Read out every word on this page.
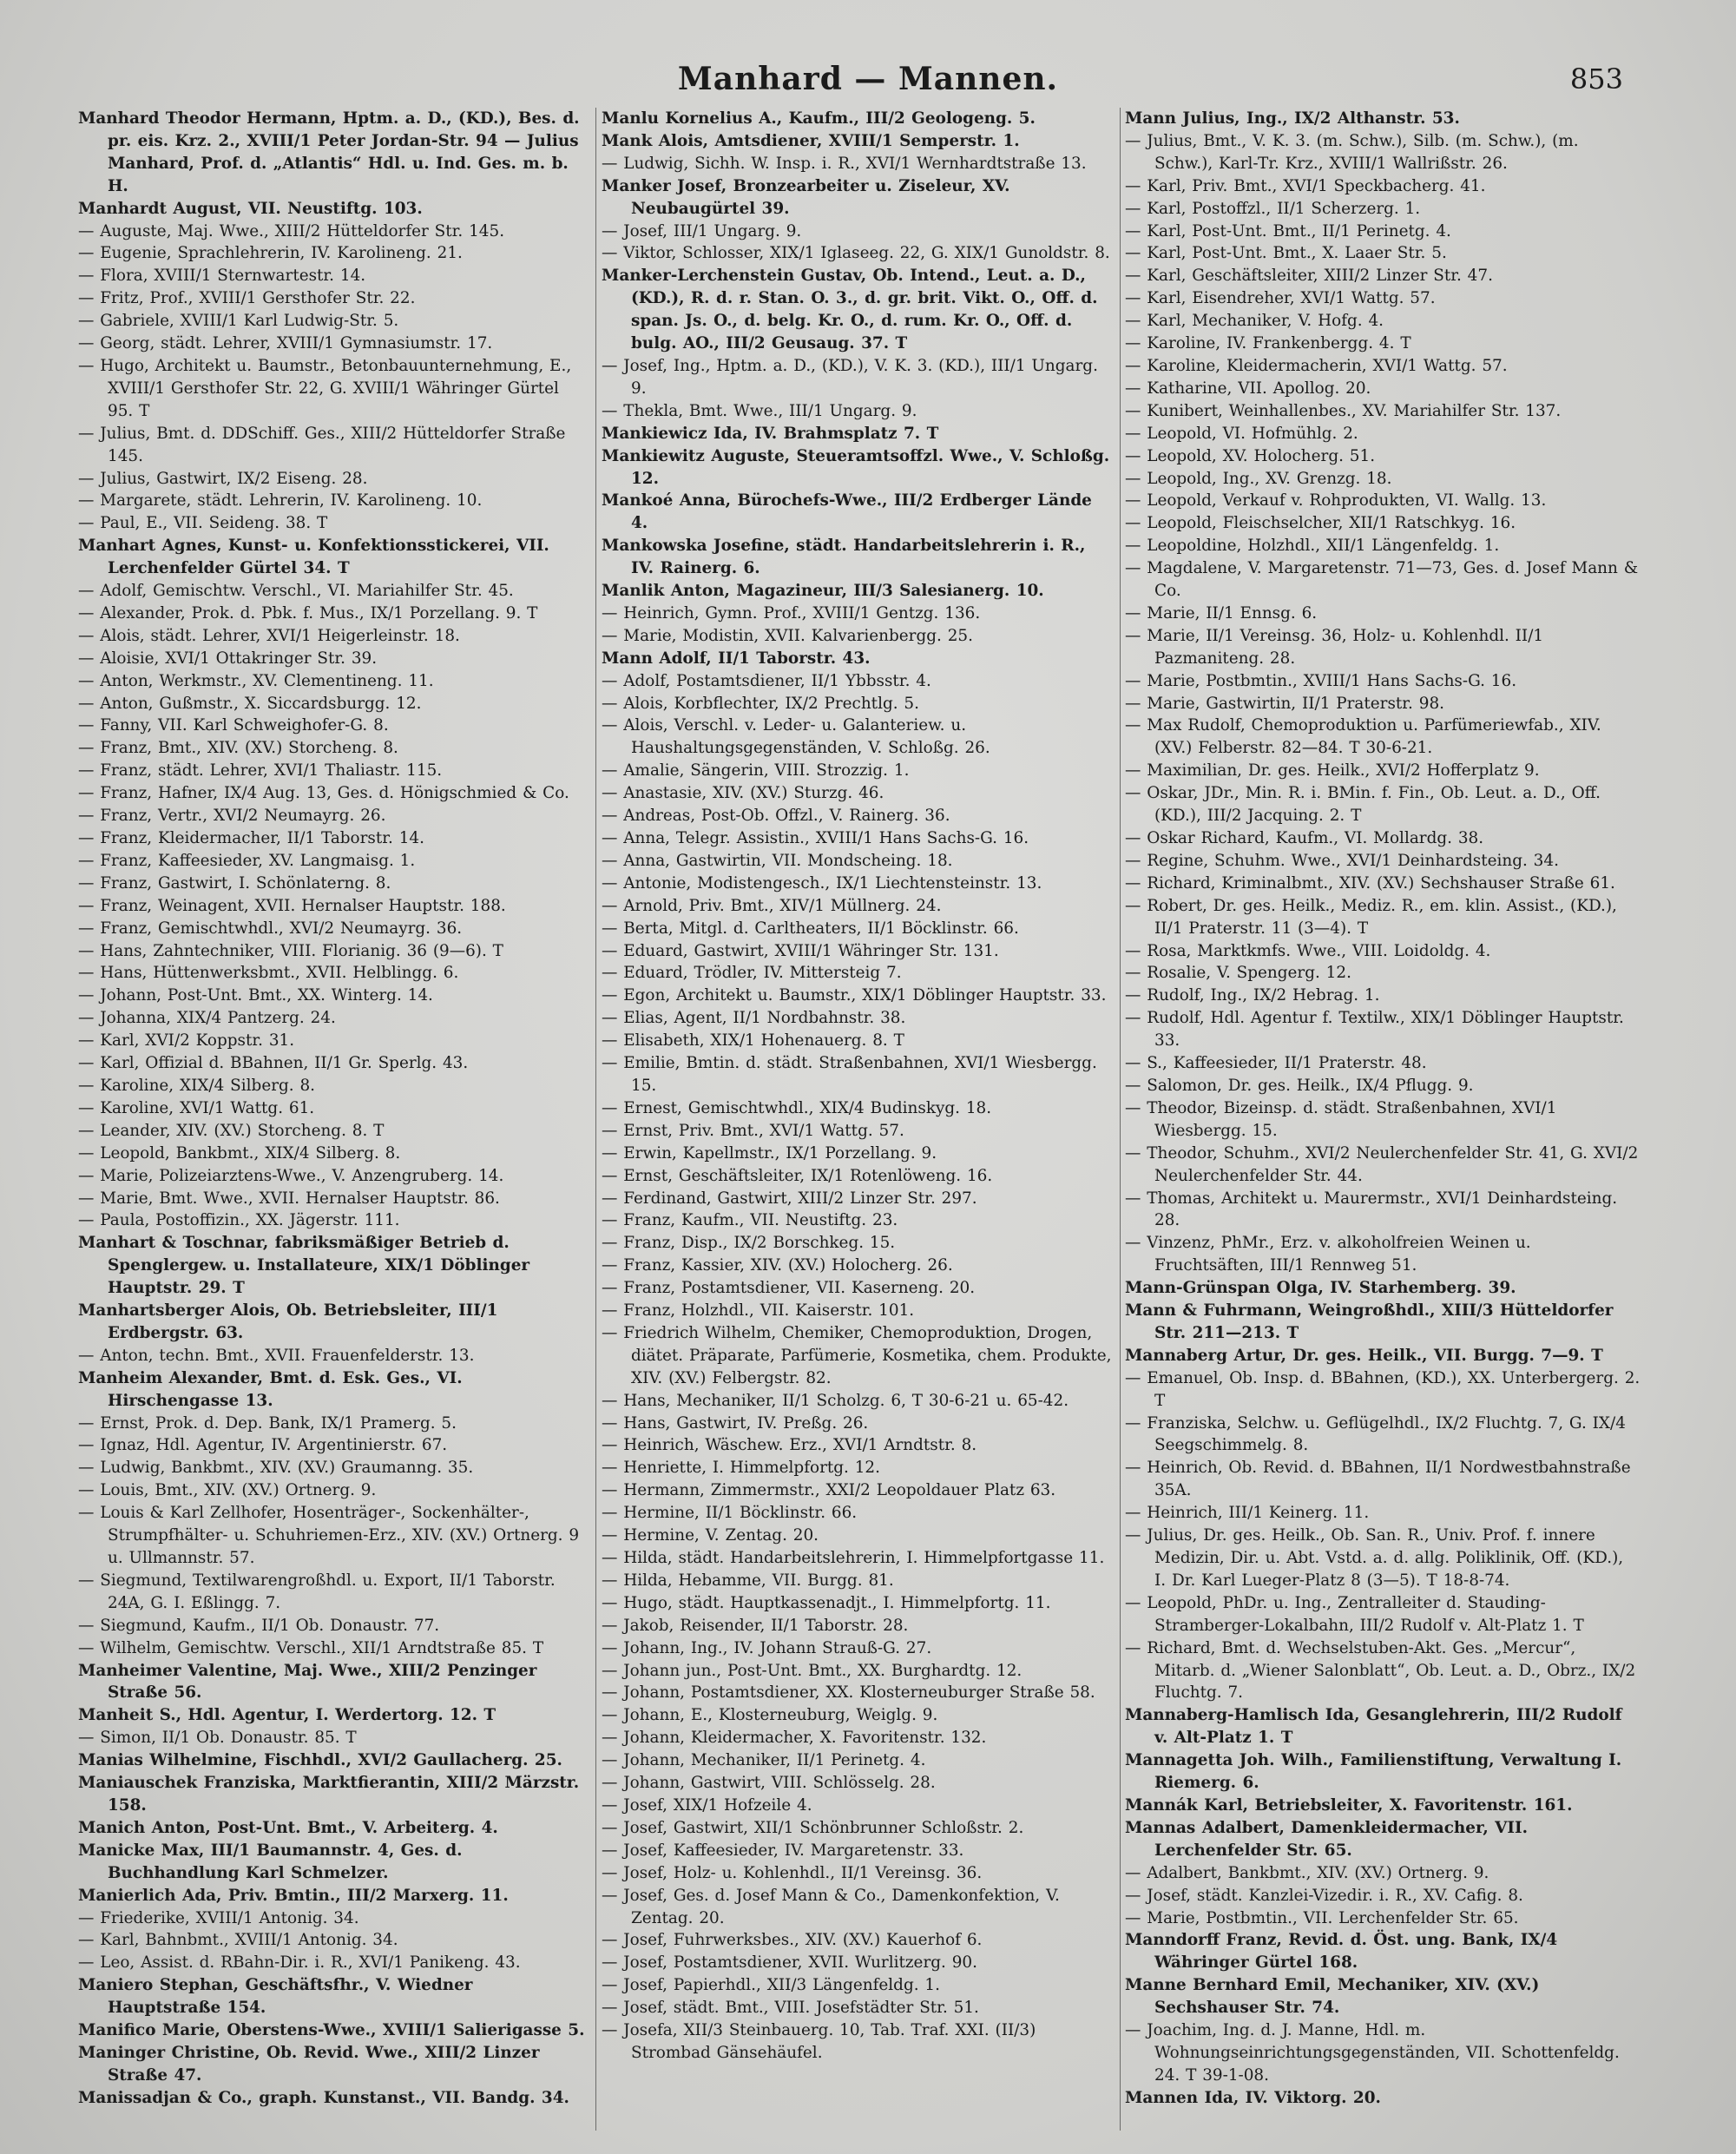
Manhard — Mannen.	853
Manhard Theodor Hermann, Hptm. a. D., (KD.), Bes. d. pr. eis. Krz. 2., XVIII/1 Peter Jordan-Str. 94 — Julius Manhard, Prof. d. „Atlantis“ Hdl. u. Ind. Ges. m. b. H.
Manhardt August, VII. Neustiftg. 103.
— Auguste, Maj. Wwe., XIII/2 Hütteldorfer Str. 145.
— Eugenie, Sprachlehrerin, IV. Karolineng. 21.
— Flora, XVIII/1 Sternwartestr. 14.
— Fritz, Prof., XVIII/1 Gersthofer Str. 22.
— Gabriele, XVIII/1 Karl Ludwig-Str. 5.
— Georg, städt. Lehrer, XVIII/1 Gymnasiumstr. 17.
— Hugo, Architekt u. Baumstr., Betonbauunternehmung, E., XVIII/1 Gersthofer Str. 22, G. XVIII/1 Währinger Gürtel 95. T
— Julius, Bmt. d. DDSchiff. Ges., XIII/2 Hütteldorfer Straße 145.
— Julius, Gastwirt, IX/2 Eiseng. 28.
— Margarete, städt. Lehrerin, IV. Karolineng. 10.
— Paul, E., VII. Seideng. 38. T
Manhart Agnes, Kunst- u. Konfektionsstickerei, VII. Lerchenfelder Gürtel 34. T
— Adolf, Gemischtw. Verschl., VI. Mariahilfer Str. 45.
— Alexander, Prok. d. Pbk. f. Mus., IX/1 Porzellang. 9. T
— Alois, städt. Lehrer, XVI/1 Heigerleinstr. 18.
— Aloisie, XVI/1 Ottakringer Str. 39.
— Anton, Werkmstr., XV. Clementineng. 11.
— Anton, Gußmstr., X. Siccardsburgg. 12.
— Fanny, VII. Karl Schweighofer-G. 8.
— Franz, Bmt., XIV. (XV.) Storcheng. 8.
— Franz, städt. Lehrer, XVI/1 Thaliastr. 115.
— Franz, Hafner, IX/4 Aug. 13, Ges. d. Hönigschmied & Co.
— Franz, Vertr., XVI/2 Neumayrg. 26.
— Franz, Kleidermacher, II/1 Taborstr. 14.
— Franz, Kaffeesieder, XV. Langmaisg. 1.
— Franz, Gastwirt, I. Schönlaterng. 8.
— Franz, Weinagent, XVII. Hernalser Hauptstr. 188.
— Franz, Gemischtwhdl., XVI/2 Neumayrg. 36.
— Hans, Zahntechniker, VIII. Florianig. 36 (9—6). T
— Hans, Hüttenwerksbmt., XVII. Helblingg. 6.
— Johann, Post-Unt. Bmt., XX. Winterg. 14.
— Johanna, XIX/4 Pantzerg. 24.
— Karl, XVI/2 Koppstr. 31.
— Karl, Offizial d. BBahnen, II/1 Gr. Sperlg. 43.
— Karoline, XIX/4 Silberg. 8.
— Karoline, XVI/1 Wattg. 61.
— Leander, XIV. (XV.) Storcheng. 8. T
— Leopold, Bankbmt., XIX/4 Silberg. 8.
— Marie, Polizeiarztens-Wwe., V. Anzengruberg. 14.
— Marie, Bmt. Wwe., XVII. Hernalser Hauptstr. 86.
— Paula, Postoffizin., XX. Jägerstr. 111.
Manhart & Toschnar, fabriksmäßiger Betrieb d. Spenglergew. u. Installateure, XIX/1 Döblinger Hauptstr. 29. T
Manhartsberger Alois, Ob. Betriebsleiter, III/1 Erdbergstr. 63.
— Anton, techn. Bmt., XVII. Frauenfelderstr. 13.
Manheim Alexander, Bmt. d. Esk. Ges., VI. Hirschengasse 13.
— Ernst, Prok. d. Dep. Bank, IX/1 Pramerg. 5.
— Ignaz, Hdl. Agentur, IV. Argentinierstr. 67.
— Ludwig, Bankbmt., XIV. (XV.) Graumanng. 35.
— Louis, Bmt., XIV. (XV.) Ortnerg. 9.
— Louis & Karl Zellhofer, Hosenträger-, Sockenhälter-, Strumpfhälter- u. Schuhriemen-Erz., XIV. (XV.) Ortnerg. 9 u. Ullmannstr. 57.
— Siegmund, Textilwarengroßhdl. u. Export, II/1 Taborstr. 24A, G. I. Eßlingg. 7.
— Siegmund, Kaufm., II/1 Ob. Donaustr. 77.
— Wilhelm, Gemischtw. Verschl., XII/1 Arndtstraße 85. T
Manheimer Valentine, Maj. Wwe., XIII/2 Penzinger Straße 56.
Manheit S., Hdl. Agentur, I. Werdertorg. 12. T
— Simon, II/1 Ob. Donaustr. 85. T
Manias Wilhelmine, Fischhdl., XVI/2 Gaullacherg. 25.
Maniauschek Franziska, Marktfierantin, XIII/2 Märzstr. 158.
Manich Anton, Post-Unt. Bmt., V. Arbeiterg. 4.
Manicke Max, III/1 Baumannstr. 4, Ges. d. Buchhandlung Karl Schmelzer.
Manierlich Ada, Priv. Bmtin., III/2 Marxerg. 11.
— Friederike, XVIII/1 Antonig. 34.
— Karl, Bahnbmt., XVIII/1 Antonig. 34.
— Leo, Assist. d. RBahn-Dir. i. R., XVI/1 Panikeng. 43.
Maniero Stephan, Geschäftsfhr., V. Wiedner Hauptstraße 154.
Manifico Marie, Oberstens-Wwe., XVIII/1 Salierigasse 5.
Maninger Christine, Ob. Revid. Wwe., XIII/2 Linzer Straße 47.
Manissadjan & Co., graph. Kunstanst., VII. Bandg. 34.
Manlu Kornelius A., Kaufm., III/2 Geologeng. 5.
Mank Alois, Amtsdiener, XVIII/1 Semperstr. 1.
— Ludwig, Sichh. W. Insp. i. R., XVI/1 Wernhardtstraße 13.
Manker Josef, Bronzearbeiter u. Ziseleur, XV. Neubaugürtel 39.
— Josef, III/1 Ungarg. 9.
— Viktor, Schlosser, XIX/1 Iglaseeg. 22, G. XIX/1 Gunoldstr. 8.
Manker-Lerchenstein Gustav, Ob. Intend., Leut. a. D., (KD.), R. d. r. Stan. O. 3., d. gr. brit. Vikt. O., Off. d. span. Js. O., d. belg. Kr. O., d. rum. Kr. O., Off. d. bulg. AO., III/2 Geusaug. 37. T
— Josef, Ing., Hptm. a. D., (KD.), V. K. 3. (KD.), III/1 Ungarg. 9.
— Thekla, Bmt. Wwe., III/1 Ungarg. 9.
Mankiewicz Ida, IV. Brahmsplatz 7. T
Mankiewitz Auguste, Steueramtsoffzl. Wwe., V. Schloßg. 12.
Mankoé Anna, Bürochefs-Wwe., III/2 Erdberger Lände 4.
Mankowska Josefine, städt. Handarbeitslehrerin i. R., IV. Rainerg. 6.
Manlik Anton, Magazineur, III/3 Salesianerg. 10.
— Heinrich, Gymn. Prof., XVIII/1 Gentzg. 136.
— Marie, Modistin, XVII. Kalvarienbergg. 25.
Mann Adolf, II/1 Taborstr. 43.
— Adolf, Postamtsdiener, II/1 Ybbsstr. 4.
— Alois, Korbflechter, IX/2 Prechtlg. 5.
— Alois, Verschl. v. Leder- u. Galanteriew. u. Haushaltungsgegenständen, V. Schloßg. 26.
— Amalie, Sängerin, VIII. Strozzig. 1.
— Anastasie, XIV. (XV.) Sturzg. 46.
— Andreas, Post-Ob. Offzl., V. Rainerg. 36.
— Anna, Telegr. Assistin., XVIII/1 Hans Sachs-G. 16.
— Anna, Gastwirtin, VII. Mondscheing. 18.
— Antonie, Modistengesch., IX/1 Liechtensteinstr. 13.
— Arnold, Priv. Bmt., XIV/1 Müllnerg. 24.
— Berta, Mitgl. d. Carltheaters, II/1 Böcklinstr. 66.
— Eduard, Gastwirt, XVIII/1 Währinger Str. 131.
— Eduard, Trödler, IV. Mittersteig 7.
— Egon, Architekt u. Baumstr., XIX/1 Döblinger Hauptstr. 33.
— Elias, Agent, II/1 Nordbahnstr. 38.
— Elisabeth, XIX/1 Hohenauerg. 8. T
— Emilie, Bmtin. d. städt. Straßenbahnen, XVI/1 Wiesbergg. 15.
— Ernest, Gemischtwhdl., XIX/4 Budinskyg. 18.
— Ernst, Priv. Bmt., XVI/1 Wattg. 57.
— Erwin, Kapellmstr., IX/1 Porzellang. 9.
— Ernst, Geschäftsleiter, IX/1 Rotenlöweng. 16.
— Ferdinand, Gastwirt, XIII/2 Linzer Str. 297.
— Franz, Kaufm., VII. Neustiftg. 23.
— Franz, Disp., IX/2 Borschkeg. 15.
— Franz, Kassier, XIV. (XV.) Holocherg. 26.
— Franz, Postamtsdiener, VII. Kaserneng. 20.
— Franz, Holzhdl., VII. Kaiserstr. 101.
— Friedrich Wilhelm, Chemiker, Chemoproduktion, Drogen, diätet. Präparate, Parfümerie, Kosmetika, chem. Produkte, XIV. (XV.) Felbergstr. 82.
— Hans, Mechaniker, II/1 Scholzg. 6, T 30-6-21 u. 65-42.
— Hans, Gastwirt, IV. Preßg. 26.
— Heinrich, Wäschew. Erz., XVI/1 Arndtstr. 8.
— Henriette, I. Himmelpfortg. 12.
— Hermann, Zimmermstr., XXI/2 Leopoldauer Platz 63.
— Hermine, II/1 Böcklinstr. 66.
— Hermine, V. Zentag. 20.
— Hilda, städt. Handarbeitslehrerin, I. Himmelpfortgasse 11.
— Hilda, Hebamme, VII. Burgg. 81.
— Hugo, städt. Hauptkassenadjt., I. Himmelpfortg. 11.
— Jakob, Reisender, II/1 Taborstr. 28.
— Johann, Ing., IV. Johann Strauß-G. 27.
— Johann jun., Post-Unt. Bmt., XX. Burghardtg. 12.
— Johann, Postamtsdiener, XX. Klosterneuburger Straße 58.
— Johann, E., Klosterneuburg, Weiglg. 9.
— Johann, Kleidermacher, X. Favoritenstr. 132.
— Johann, Mechaniker, II/1 Perinetg. 4.
— Johann, Gastwirt, VIII. Schlösselg. 28.
— Josef, XIX/1 Hofzeile 4.
— Josef, Gastwirt, XII/1 Schönbrunner Schloßstr. 2.
— Josef, Kaffeesieder, IV. Margaretenstr. 33.
— Josef, Holz- u. Kohlenhdl., II/1 Vereinsg. 36.
— Josef, Ges. d. Josef Mann & Co., Damenkonfektion, V. Zentag. 20.
— Josef, Fuhrwerksbes., XIV. (XV.) Kauerhof 6.
— Josef, Postamtsdiener, XVII. Wurlitzerg. 90.
— Josef, Papierhdl., XII/3 Längenfeldg. 1.
— Josef, städt. Bmt., VIII. Josefstädter Str. 51.
— Josefa, XII/3 Steinbauerg. 10, Tab. Traf. XXI. (II/3) Strombad Gänsehäufel.
Mann Julius, Ing., IX/2 Althanstr. 53.
— Julius, Bmt., V. K. 3. (m. Schw.), Silb. (m. Schw.), (m. Schw.), Karl-Tr. Krz., XVIII/1 Wallrißstr. 26.
— Karl, Priv. Bmt., XVI/1 Speckbacherg. 41.
— Karl, Postoffzl., II/1 Scherzerg. 1.
— Karl, Post-Unt. Bmt., II/1 Perinetg. 4.
— Karl, Post-Unt. Bmt., X. Laaer Str. 5.
— Karl, Geschäftsleiter, XIII/2 Linzer Str. 47.
— Karl, Eisendreher, XVI/1 Wattg. 57.
— Karl, Mechaniker, V. Hofg. 4.
— Karoline, IV. Frankenbergg. 4. T
— Karoline, Kleidermacherin, XVI/1 Wattg. 57.
— Katharine, VII. Apollog. 20.
— Kunibert, Weinhallenbes., XV. Mariahilfer Str. 137.
— Leopold, VI. Hofmühlg. 2.
— Leopold, XV. Holocherg. 51.
— Leopold, Ing., XV. Grenzg. 18.
— Leopold, Verkauf v. Rohprodukten, VI. Wallg. 13.
— Leopold, Fleischselcher, XII/1 Ratschkyg. 16.
— Leopoldine, Holzhdl., XII/1 Längenfeldg. 1.
— Magdalene, V. Margaretenstr. 71—73, Ges. d. Josef Mann & Co.
— Marie, II/1 Ennsg. 6.
— Marie, II/1 Vereinsg. 36, Holz- u. Kohlenhdl. II/1 Pazmaniteng. 28.
— Marie, Postbmtin., XVIII/1 Hans Sachs-G. 16.
— Marie, Gastwirtin, II/1 Praterstr. 98.
— Max Rudolf, Chemoproduktion u. Parfümeriewfab., XIV. (XV.) Felberstr. 82—84. T 30-6-21.
— Maximilian, Dr. ges. Heilk., XVI/2 Hofferplatz 9.
— Oskar, JDr., Min. R. i. BMin. f. Fin., Ob. Leut. a. D., Off. (KD.), III/2 Jacquing. 2. T
— Oskar Richard, Kaufm., VI. Mollardg. 38.
— Regine, Schuhm. Wwe., XVI/1 Deinhardsteing. 34.
— Richard, Kriminalbmt., XIV. (XV.) Sechshauser Straße 61.
— Robert, Dr. ges. Heilk., Mediz. R., em. klin. Assist., (KD.), II/1 Praterstr. 11 (3—4). T
— Rosa, Marktkmfs. Wwe., VIII. Loidoldg. 4.
— Rosalie, V. Spengerg. 12.
— Rudolf, Ing., IX/2 Hebrag. 1.
— Rudolf, Hdl. Agentur f. Textilw., XIX/1 Döblinger Hauptstr. 33.
— S., Kaffeesieder, II/1 Praterstr. 48.
— Salomon, Dr. ges. Heilk., IX/4 Pflugg. 9.
— Theodor, Bizeinsp. d. städt. Straßenbahnen, XVI/1 Wiesbergg. 15.
— Theodor, Schuhm., XVI/2 Neulerchenfelder Str. 41, G. XVI/2 Neulerchenfelder Str. 44.
— Thomas, Architekt u. Maurermstr., XVI/1 Deinhardsteing. 28.
— Vinzenz, PhMr., Erz. v. alkoholfreien Weinen u. Fruchtsäften, III/1 Rennweg 51.
Mann-Grünspan Olga, IV. Starhemberg. 39.
Mann & Fuhrmann, Weingroßhdl., XIII/3 Hütteldorfer Str. 211—213. T
Mannaberg Artur, Dr. ges. Heilk., VII. Burgg. 7—9. T
— Emanuel, Ob. Insp. d. BBahnen, (KD.), XX. Unterbergerg. 2. T
— Franziska, Selchw. u. Geflügelhdl., IX/2 Fluchtg. 7, G. IX/4 Seegschimmelg. 8.
— Heinrich, Ob. Revid. d. BBahnen, II/1 Nordwestbahnstraße 35A.
— Heinrich, III/1 Keinerg. 11.
— Julius, Dr. ges. Heilk., Ob. San. R., Univ. Prof. f. innere Medizin, Dir. u. Abt. Vstd. a. d. allg. Poliklinik, Off. (KD.), I. Dr. Karl Lueger-Platz 8 (3—5). T 18-8-74.
— Leopold, PhDr. u. Ing., Zentralleiter d. Stauding-Stramberger-Lokalbahn, III/2 Rudolf v. Alt-Platz 1. T
— Richard, Bmt. d. Wechselstuben-Akt. Ges. „Mercur“, Mitarb. d. „Wiener Salonblatt“, Ob. Leut. a. D., Obrz., IX/2 Fluchtg. 7.
Mannaberg-Hamlisch Ida, Gesanglehrerin, III/2 Rudolf v. Alt-Platz 1. T
Mannagetta Joh. Wilh., Familienstiftung, Verwaltung I. Riemerg. 6.
Mannák Karl, Betriebsleiter, X. Favoritenstr. 161.
Mannas Adalbert, Damenkleidermacher, VII. Lerchenfelder Str. 65.
— Adalbert, Bankbmt., XIV. (XV.) Ortnerg. 9.
— Josef, städt. Kanzlei-Vizedir. i. R., XV. Cafig. 8.
— Marie, Postbmtin., VII. Lerchenfelder Str. 65.
Manndorff Franz, Revid. d. Öst. ung. Bank, IX/4 Währinger Gürtel 168.
Manne Bernhard Emil, Mechaniker, XIV. (XV.) Sechshauser Str. 74.
— Joachim, Ing. d. J. Manne, Hdl. m. Wohnungseinrichtungsgegenständen, VII. Schottenfeldg. 24. T 39-1-08.
Mannen Ida, IV. Viktorg. 20.
